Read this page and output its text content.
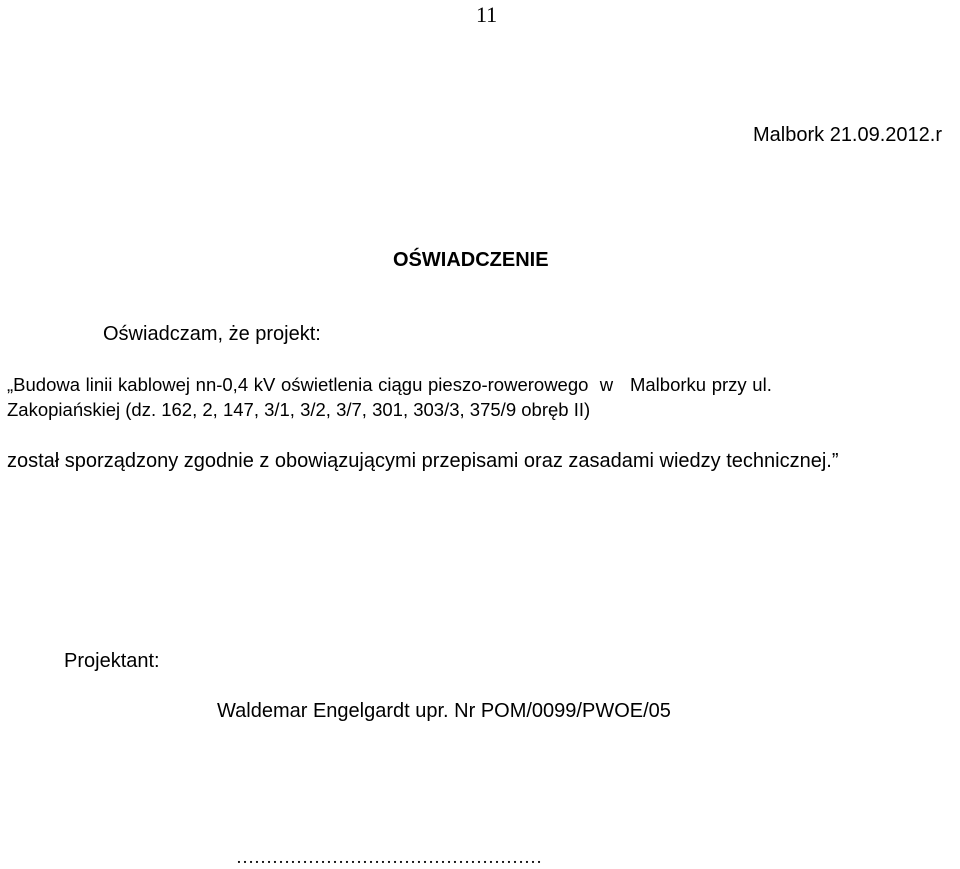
11
Malbork 21.09.2012.r
OŚWIADCZENIE
Oświadczam, że projekt:
„Budowa linii kablowej nn-0,4 kV oświetlenia ciągu pieszo-rowerowego  w   Malborku przy ul.
Zakopiańskiej (dz. 162, 2, 147, 3/1, 3/2, 3/7, 301, 303/3, 375/9 obręb II)
został sporządzony zgodnie z obowiązującymi przepisami oraz zasadami wiedzy technicznej.”
Projektant:
Waldemar Engelgardt upr. Nr POM/0099/PWOE/05
……………………………………………
